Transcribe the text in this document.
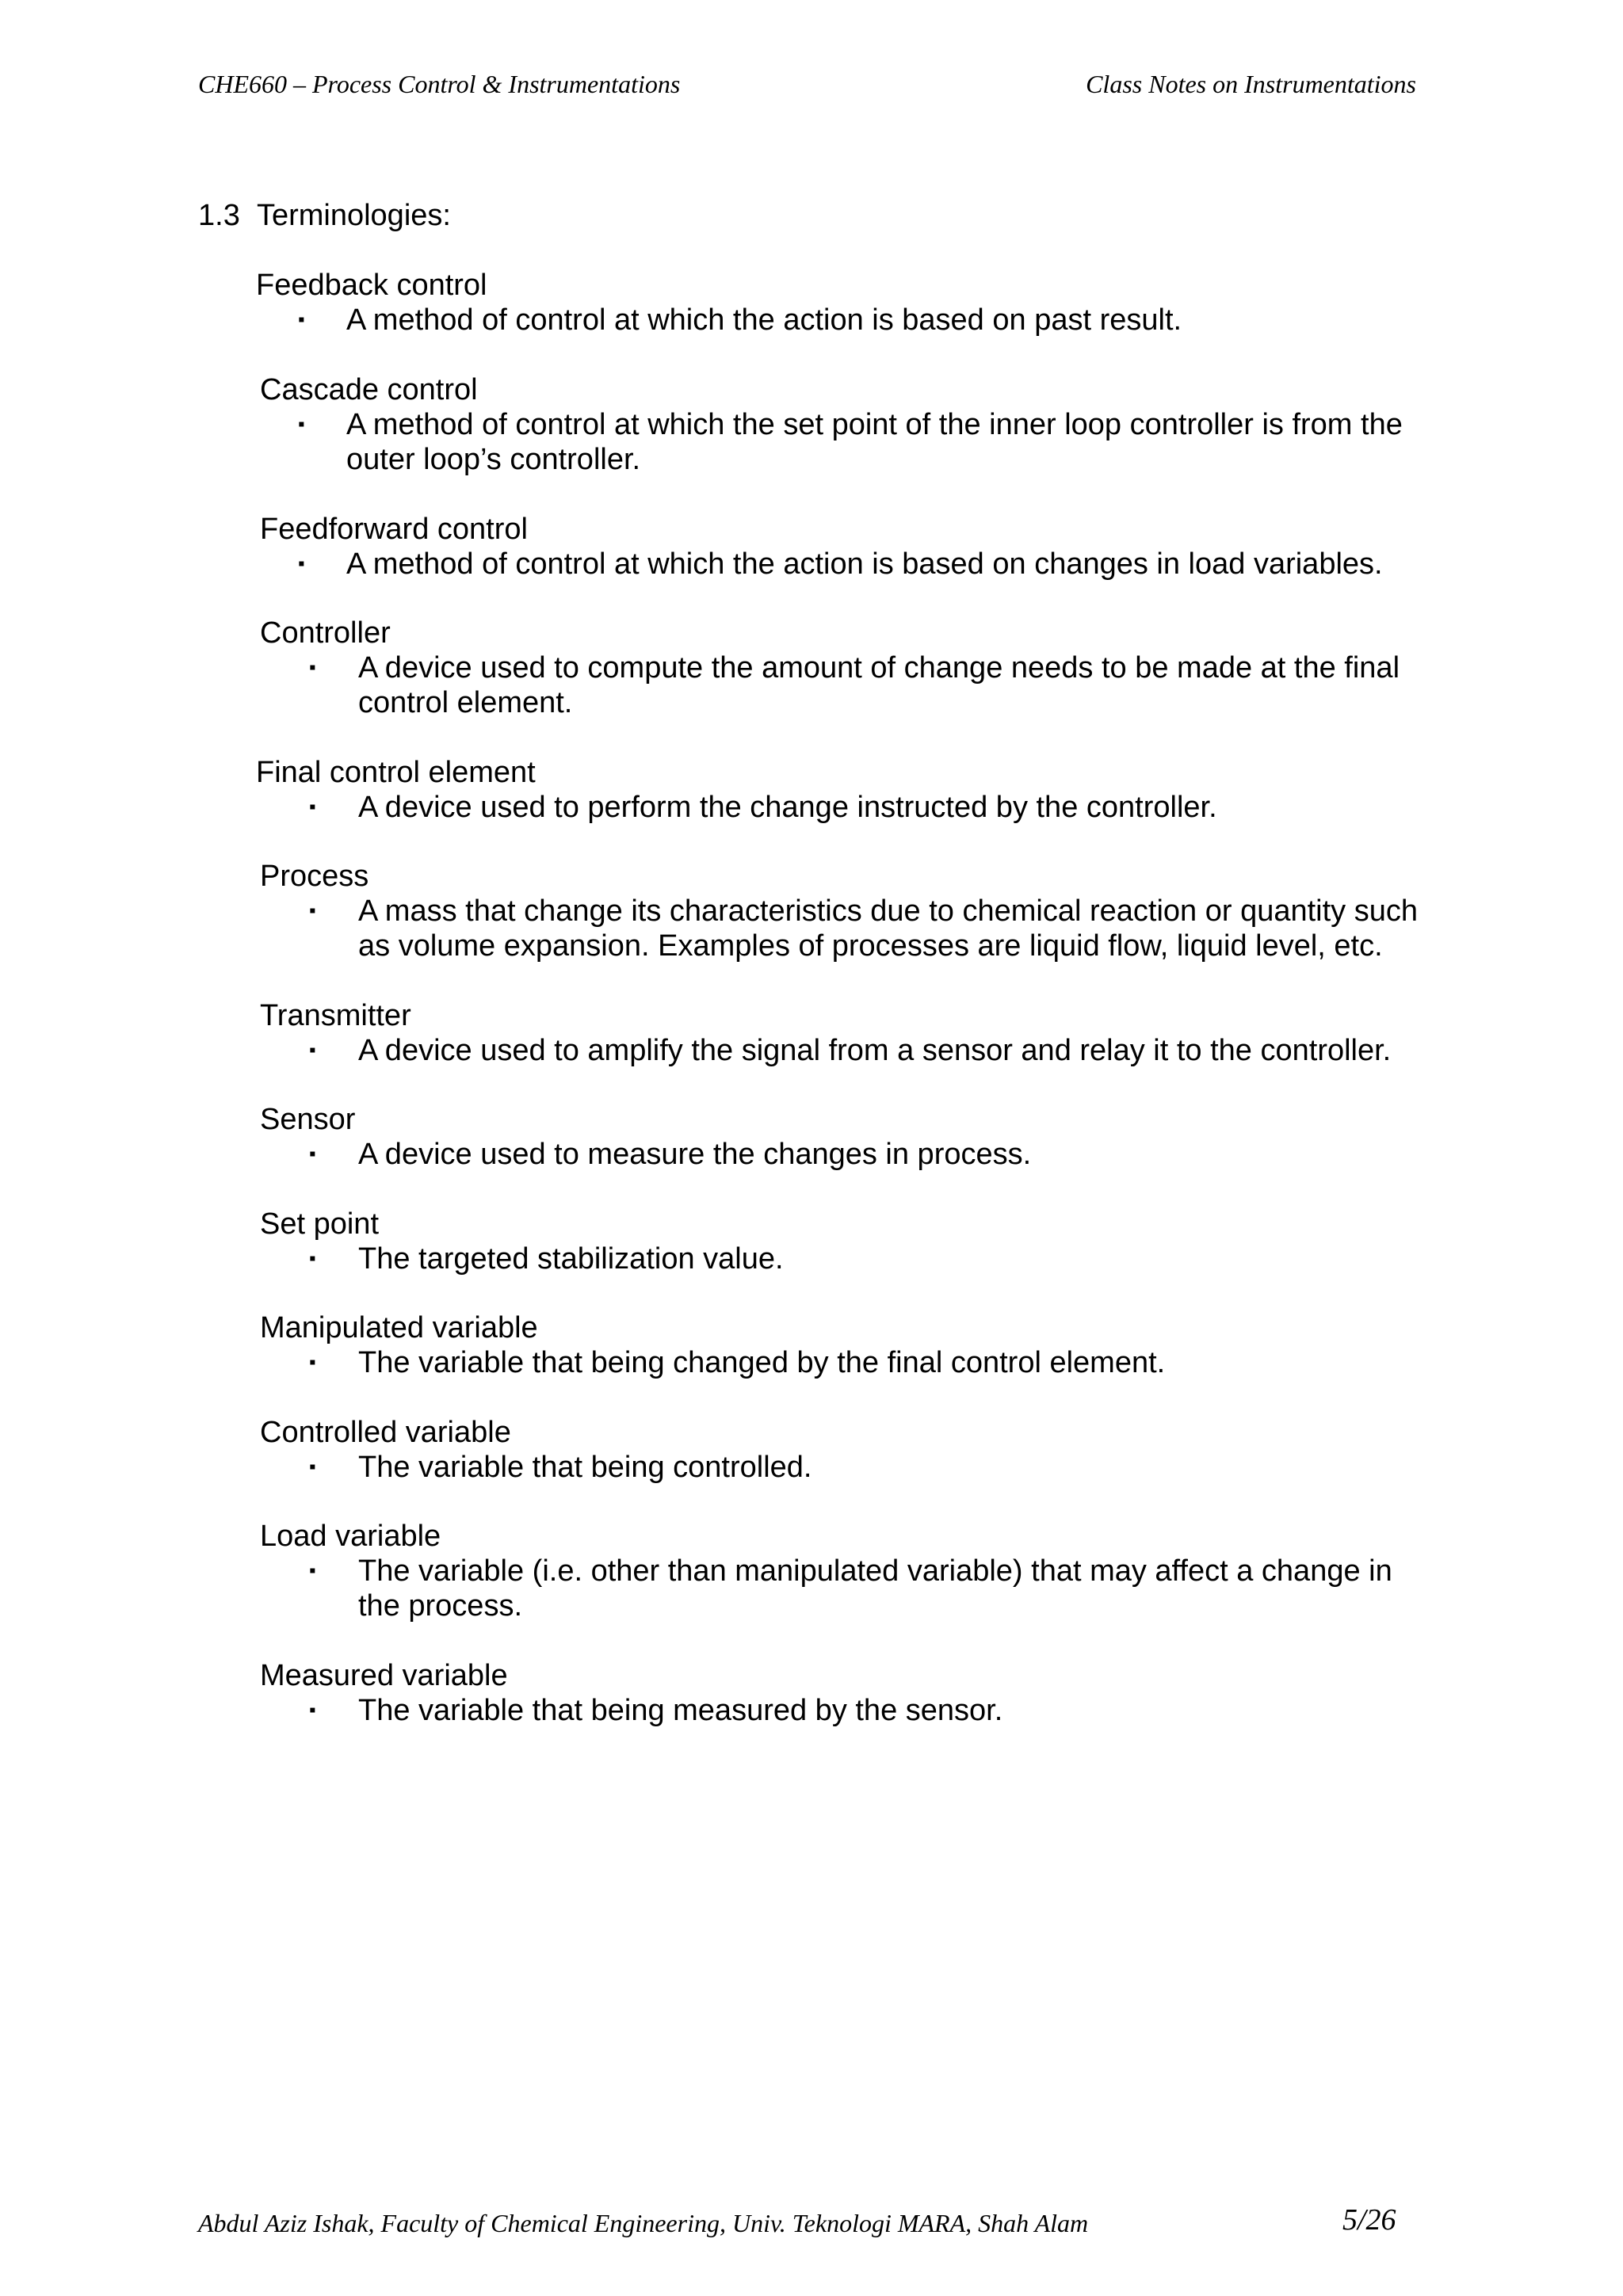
CHE660 – Process Control & Instrumentations	Class Notes on Instrumentations
1.3 Terminologies:
Feedback control
▪ A method of control at which the action is based on past result.
Cascade control
▪ A method of control at which the set point of the inner loop controller is from the outer loop’s controller.
Feedforward control
▪ A method of control at which the action is based on changes in load variables.
Controller
▪ A device used to compute the amount of change needs to be made at the final control element.
Final control element
▪ A device used to perform the change instructed by the controller.
Process
▪ A mass that change its characteristics due to chemical reaction or quantity such as volume expansion. Examples of processes are liquid flow, liquid level, etc.
Transmitter
▪ A device used to amplify the signal from a sensor and relay it to the controller.
Sensor
▪ A device used to measure the changes in process.
Set point
▪ The targeted stabilization value.
Manipulated variable
▪ The variable that being changed by the final control element.
Controlled variable
▪ The variable that being controlled.
Load variable
▪ The variable (i.e. other than manipulated variable) that may affect a change in the process.
Measured variable
▪ The variable that being measured by the sensor.
Abdul Aziz Ishak, Faculty of Chemical Engineering, Univ. Teknologi MARA, Shah Alam	5/26
